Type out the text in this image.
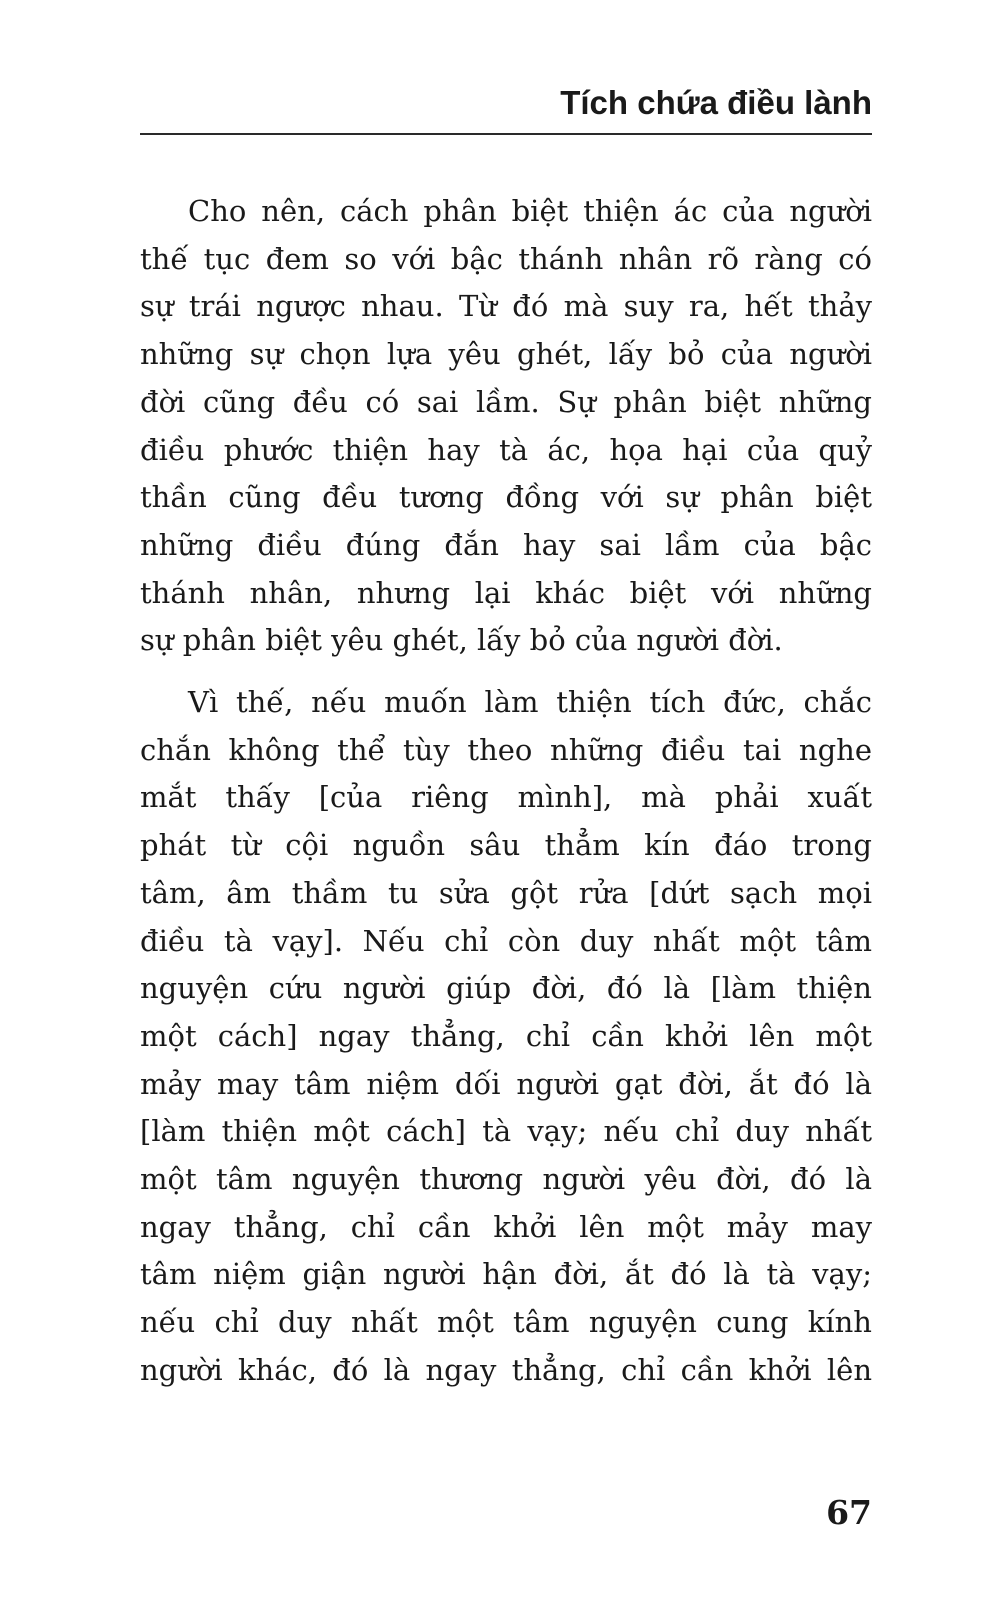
Tích chứa điều lành
Cho nên, cách phân biệt thiện ác của người
thế tục đem so với bậc thánh nhân rõ ràng có
sự trái ngược nhau. Từ đó mà suy ra, hết thảy
những sự chọn lựa yêu ghét, lấy bỏ của người
đời cũng đều có sai lầm. Sự phân biệt những
điều phước thiện hay tà ác, họa hại của quỷ
thần cũng đều tương đồng với sự phân biệt
những điều đúng đắn hay sai lầm của bậc
thánh nhân, nhưng lại khác biệt với những
sự phân biệt yêu ghét, lấy bỏ của người đời.
Vì thế, nếu muốn làm thiện tích đức, chắc
chắn không thể tùy theo những điều tai nghe
mắt thấy [của riêng mình], mà phải xuất
phát từ cội nguồn sâu thẳm kín đáo trong
tâm, âm thầm tu sửa gột rửa [dứt sạch mọi
điều tà vạy]. Nếu chỉ còn duy nhất một tâm
nguyện cứu người giúp đời, đó là [làm thiện
một cách] ngay thẳng, chỉ cần khởi lên một
mảy may tâm niệm dối người gạt đời, ắt đó là
[làm thiện một cách] tà vạy; nếu chỉ duy nhất
một tâm nguyện thương người yêu đời, đó là
ngay thẳng, chỉ cần khởi lên một mảy may
tâm niệm giận người hận đời, ắt đó là tà vạy;
nếu chỉ duy nhất một tâm nguyện cung kính
người khác, đó là ngay thẳng, chỉ cần khởi lên
67
